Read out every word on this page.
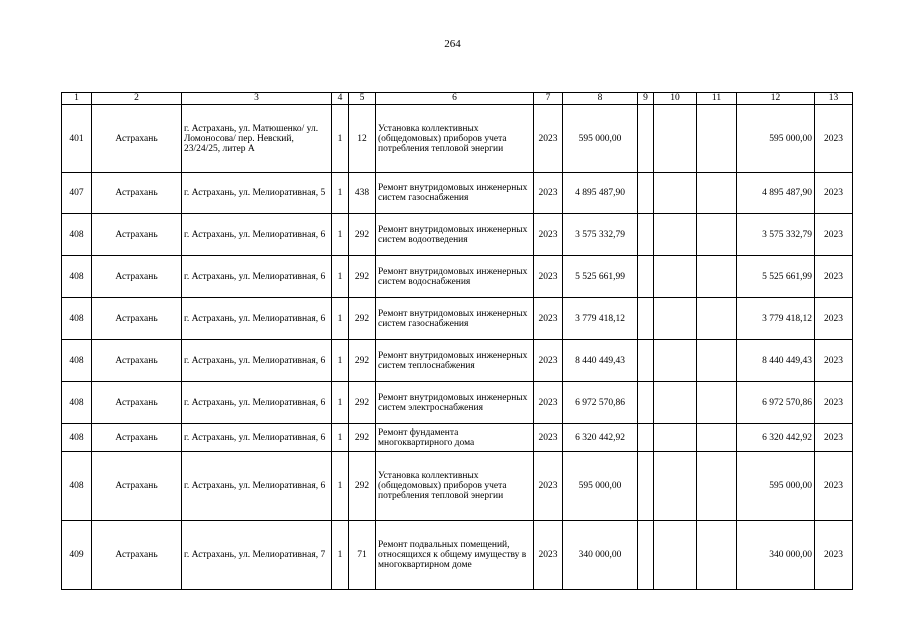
264
1	2	3	4	5	6	7	8	9	10	11	12	13
401	Астрахань	г. Астрахань, ул. Матюшенко/ ул. Ломоносова/ пер. Невский, 23/24/25, литер А	1	12	Установка коллективных (общедомовых) приборов учета потребления тепловой энергии	2023	595 000,00				595 000,00	2023
407	Астрахань	г. Астрахань, ул. Мелиоративная, 5	1	438	Ремонт внутридомовых инженерных систем газоснабжения	2023	4 895 487,90				4 895 487,90	2023
408	Астрахань	г. Астрахань, ул. Мелиоративная, 6	1	292	Ремонт внутридомовых инженерных систем водоотведения	2023	3 575 332,79				3 575 332,79	2023
408	Астрахань	г. Астрахань, ул. Мелиоративная, 6	1	292	Ремонт внутридомовых инженерных систем водоснабжения	2023	5 525 661,99				5 525 661,99	2023
408	Астрахань	г. Астрахань, ул. Мелиоративная, 6	1	292	Ремонт внутридомовых инженерных систем газоснабжения	2023	3 779 418,12				3 779 418,12	2023
408	Астрахань	г. Астрахань, ул. Мелиоративная, 6	1	292	Ремонт внутридомовых инженерных систем теплоснабжения	2023	8 440 449,43				8 440 449,43	2023
408	Астрахань	г. Астрахань, ул. Мелиоративная, 6	1	292	Ремонт внутридомовых инженерных систем электроснабжения	2023	6 972 570,86				6 972 570,86	2023
408	Астрахань	г. Астрахань, ул. Мелиоративная, 6	1	292	Ремонт фундамента многоквартирного дома	2023	6 320 442,92				6 320 442,92	2023
408	Астрахань	г. Астрахань, ул. Мелиоративная, 6	1	292	Установка коллективных (общедомовых) приборов учета потребления тепловой энергии	2023	595 000,00				595 000,00	2023
409	Астрахань	г. Астрахань, ул. Мелиоративная, 7	1	71	Ремонт подвальных помещений, относящихся к общему имуществу в многоквартирном доме	2023	340 000,00				340 000,00	2023
